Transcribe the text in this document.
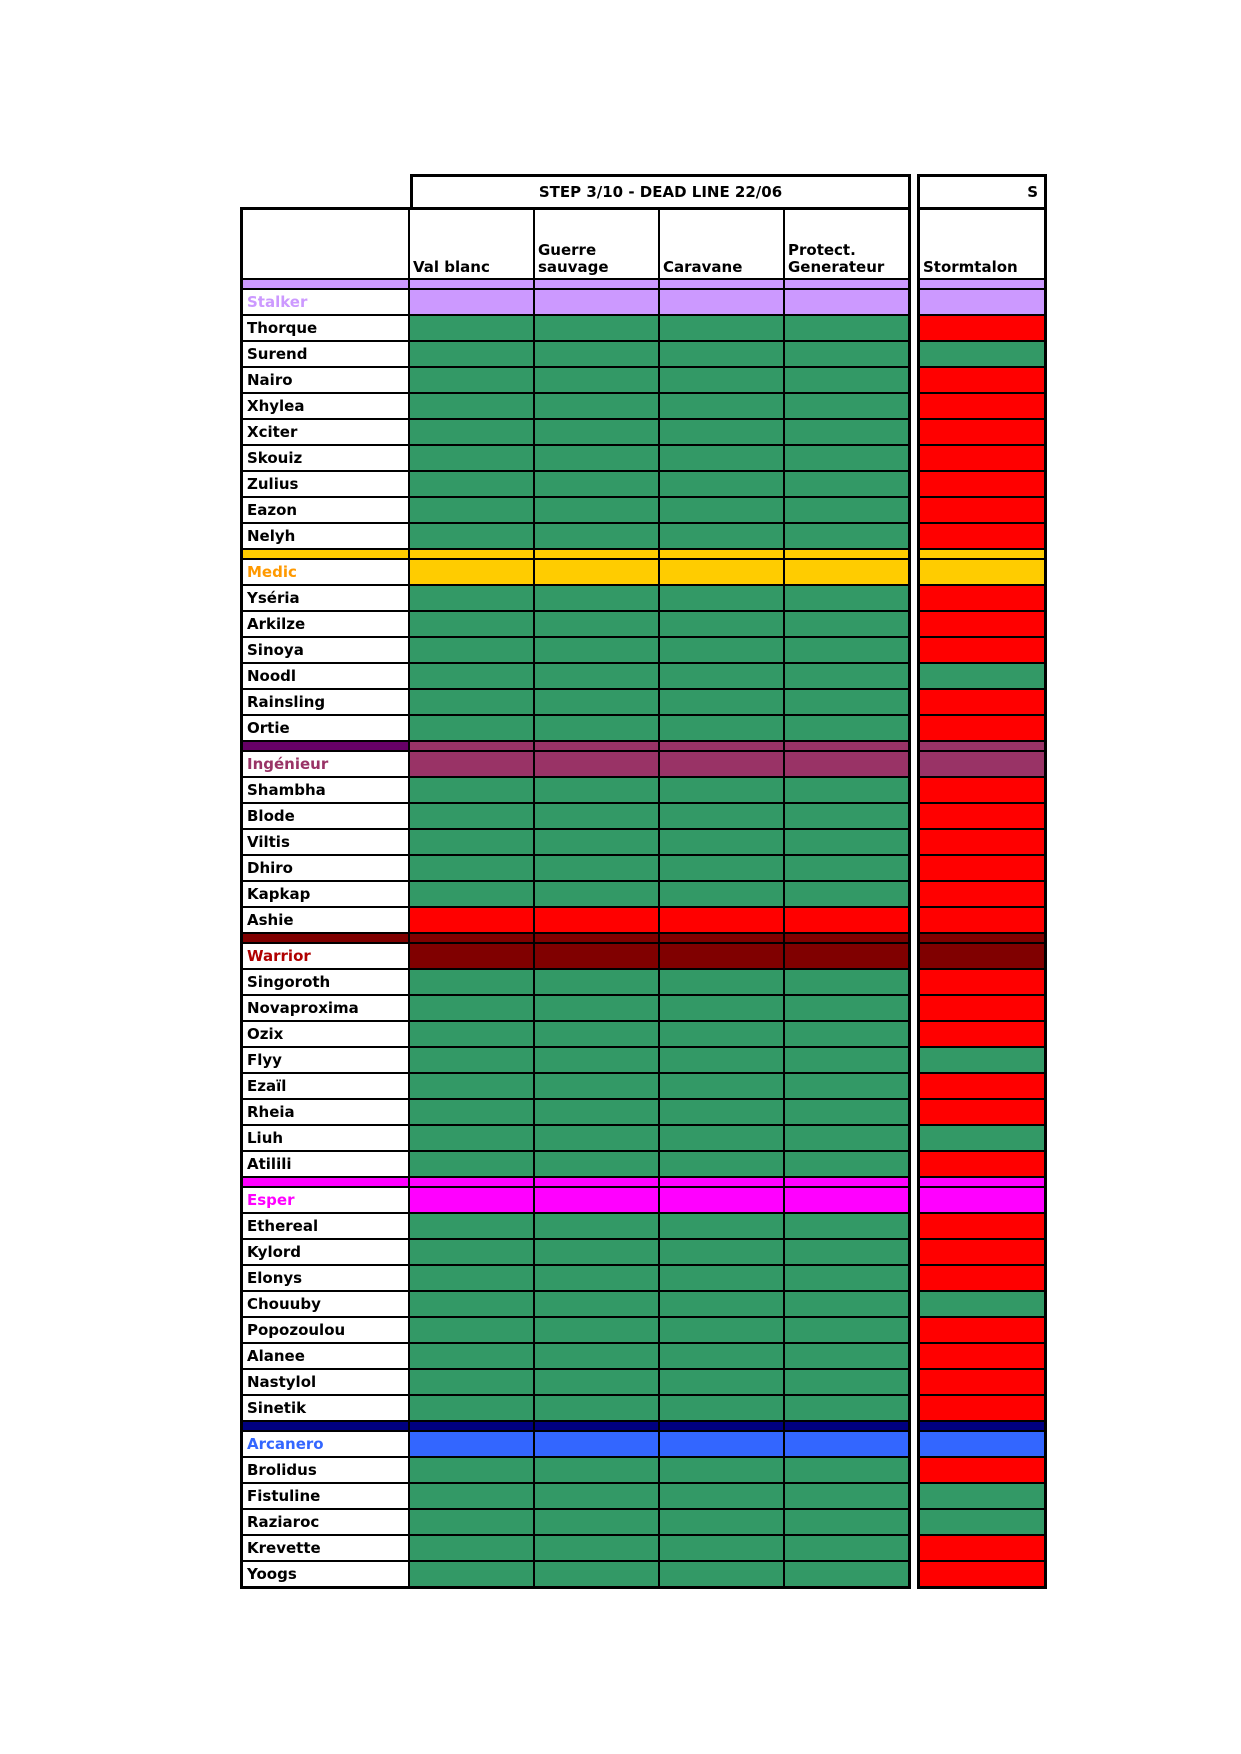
STEP 3/10 - DEAD LINE 22/06	S
Val blanc
Guerre sauvage	Caravane
Protect. Generateur
Stalker
Thorque
Surend
Nairo
Xhylea
Xciter
Skouiz
Zulius
Eazon
Nelyh
Medic
Yséria
Arkilze
Sinoya
Noodl
Rainsling
Ortie
Ingénieur
Shambha
Blode
Viltis
Dhiro
Kapkap
Ashie
Warrior
Singoroth
Novaproxima
Ozix
Flyy
Ezaïl
Rheia
Liuh
Atilili
Esper
Ethereal
Kylord
Elonys
Chouuby
Popozoulou
Alanee
Nastylol
Sinetik
Arcanero
Brolidus
Fistuline
Raziaroc
Krevette
Yoogs
Stormtalon
